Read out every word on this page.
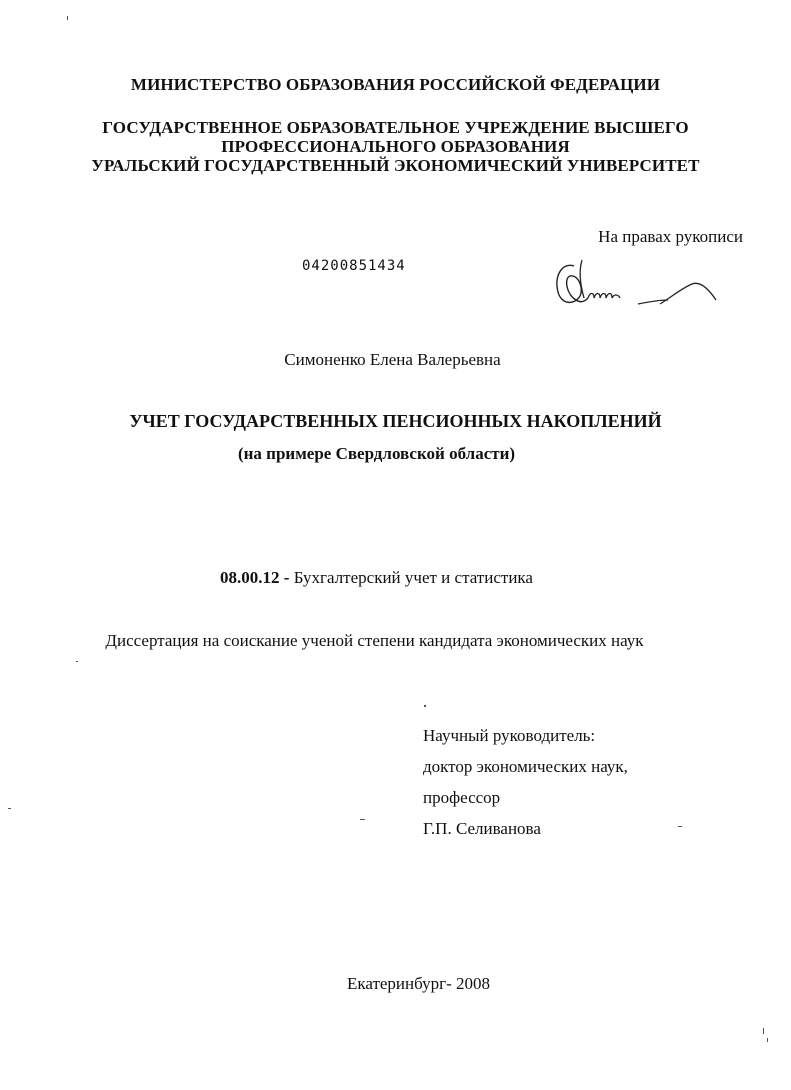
МИНИСТЕРСТВО ОБРАЗОВАНИЯ РОССИЙСКОЙ ФЕДЕРАЦИИ
ГОСУДАРСТВЕННОЕ ОБРАЗОВАТЕЛЬНОЕ УЧРЕЖДЕНИЕ ВЫСШЕГО
ПРОФЕССИОНАЛЬНОГО ОБРАЗОВАНИЯ
УРАЛЬСКИЙ ГОСУДАРСТВЕННЫЙ ЭКОНОМИЧЕСКИЙ УНИВЕРСИТЕТ
На правах рукописи
04200851434
Симоненко Елена Валерьевна
УЧЕТ ГОСУДАРСТВЕННЫХ ПЕНСИОННЫХ НАКОПЛЕНИЙ
(на примере Свердловской области)
08.00.12 - Бухгалтерский учет и статистика
Диссертация на соискание ученой степени кандидата экономических наук
Научный руководитель:
доктор экономических наук,
профессор
Г.П. Селиванова
Екатеринбург- 2008
